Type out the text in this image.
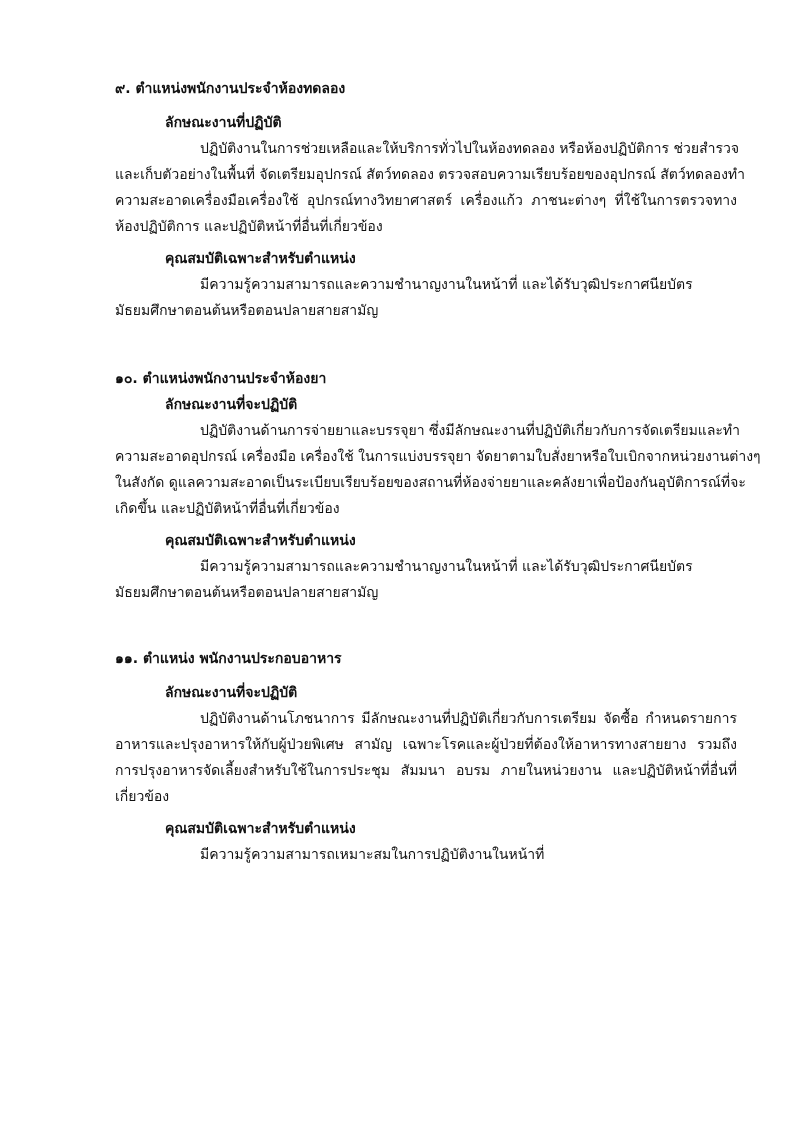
๙. ตำแหน่งพนักงานประจำห้องทดลอง
ลักษณะงานที่ปฏิบัติ
ปฏิบัติงานในการช่วยเหลือและให้บริการทั่วไปในห้องทดลอง หรือห้องปฏิบัติการ ช่วยสำรวจ
และเก็บตัวอย่างในพื้นที่ จัดเตรียมอุปกรณ์ สัตว์ทดลอง ตรวจสอบความเรียบร้อยของอุปกรณ์ สัตว์ทดลองทำ
ความสะอาดเครื่องมือเครื่องใช้ อุปกรณ์ทางวิทยาศาสตร์ เครื่องแก้ว ภาชนะต่างๆ ที่ใช้ในการตรวจทาง
ห้องปฏิบัติการ และปฏิบัติหน้าที่อื่นที่เกี่ยวข้อง
คุณสมบัติเฉพาะสำหรับตำแหน่ง
มีความรู้ความสามารถและความชำนาญงานในหน้าที่ และได้รับวุฒิประกาศนียบัตร
มัธยมศึกษาตอนต้นหรือตอนปลายสายสามัญ
๑๐. ตำแหน่งพนักงานประจำห้องยา
ลักษณะงานที่จะปฏิบัติ
ปฏิบัติงานด้านการจ่ายยาและบรรจุยา ซึ่งมีลักษณะงานที่ปฏิบัติเกี่ยวกับการจัดเตรียมและทำ
ความสะอาดอุปกรณ์ เครื่องมือ เครื่องใช้ ในการแบ่งบรรจุยา จัดยาตามใบสั่งยาหรือใบเบิกจากหน่วยงานต่างๆ
ในสังกัด ดูแลความสะอาดเป็นระเบียบเรียบร้อยของสถานที่ห้องจ่ายยาและคลังยาเพื่อป้องกันอุบัติการณ์ที่จะ
เกิดขึ้น และปฏิบัติหน้าที่อื่นที่เกี่ยวข้อง
คุณสมบัติเฉพาะสำหรับตำแหน่ง
มีความรู้ความสามารถและความชำนาญงานในหน้าที่ และได้รับวุฒิประกาศนียบัตร
มัธยมศึกษาตอนต้นหรือตอนปลายสายสามัญ
๑๑. ตำแหน่ง พนักงานประกอบอาหาร
ลักษณะงานที่จะปฏิบัติ
ปฏิบัติงานด้านโภชนาการ มีลักษณะงานที่ปฏิบัติเกี่ยวกับการเตรียม จัดซื้อ กำหนดรายการ
อาหารและปรุงอาหารให้กับผู้ป่วยพิเศษ สามัญ เฉพาะโรคและผู้ป่วยที่ต้องให้อาหารทางสายยาง รวมถึง
การปรุงอาหารจัดเลี้ยงสำหรับใช้ในการประชุม สัมมนา อบรม ภายในหน่วยงาน และปฏิบัติหน้าที่อื่นที่
เกี่ยวข้อง
คุณสมบัติเฉพาะสำหรับตำแหน่ง
มีความรู้ความสามารถเหมาะสมในการปฏิบัติงานในหน้าที่
